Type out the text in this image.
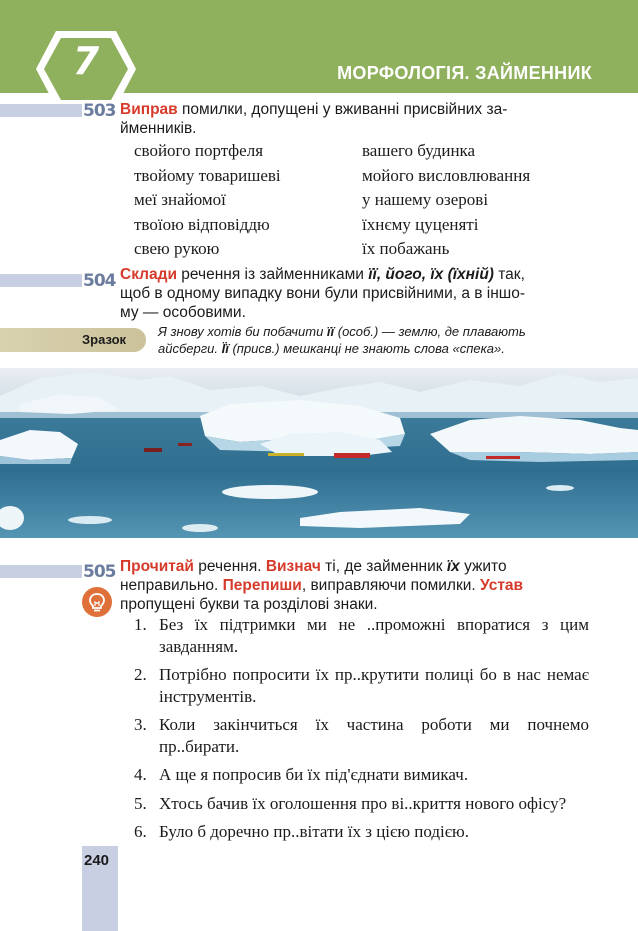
7	МОРФОЛОГІЯ. ЗАЙМЕННИК
503 Виправ помилки, допущені у вживанні присвійних за-
йменників.
свойого портфеля
твойому товаришеві
меї знайомої
твоїою відповіддю
свею рукою
вашего будинка
мойого висловлювання
у нашему озерові
їхнєму цуценяті
їх побажань
504 Склади речення із займенниками її, його, їх (їхній) так,
щоб в одному випадку вони були присвійними, а в іншо-
му — особовими.
Зразок
Я знову хотів би побачити її (особ.) — землю, де плавають
айсберги. Її (присв.) мешканці не знають слова «спека».
505 Прочитай речення. Визнач ті, де займенник їх ужито
неправильно. Перепиши, виправляючи помилки. Устав
пропущені букви та розділові знаки.
1. Без їх підтримки ми не ..проможні впоратися з цим завданням.
2. Потрібно попросити їх пр..крутити полиці бо в нас немає інструментів.
3. Коли закінчиться їх частина роботи ми почнемо пр..бирати.
4. А ще я попросив би їх під'єднати вимикач.
5. Хтось бачив їх оголошення про ві..криття нового офісу?
6. Було б доречно пр..вітати їх з цією подією.
240
